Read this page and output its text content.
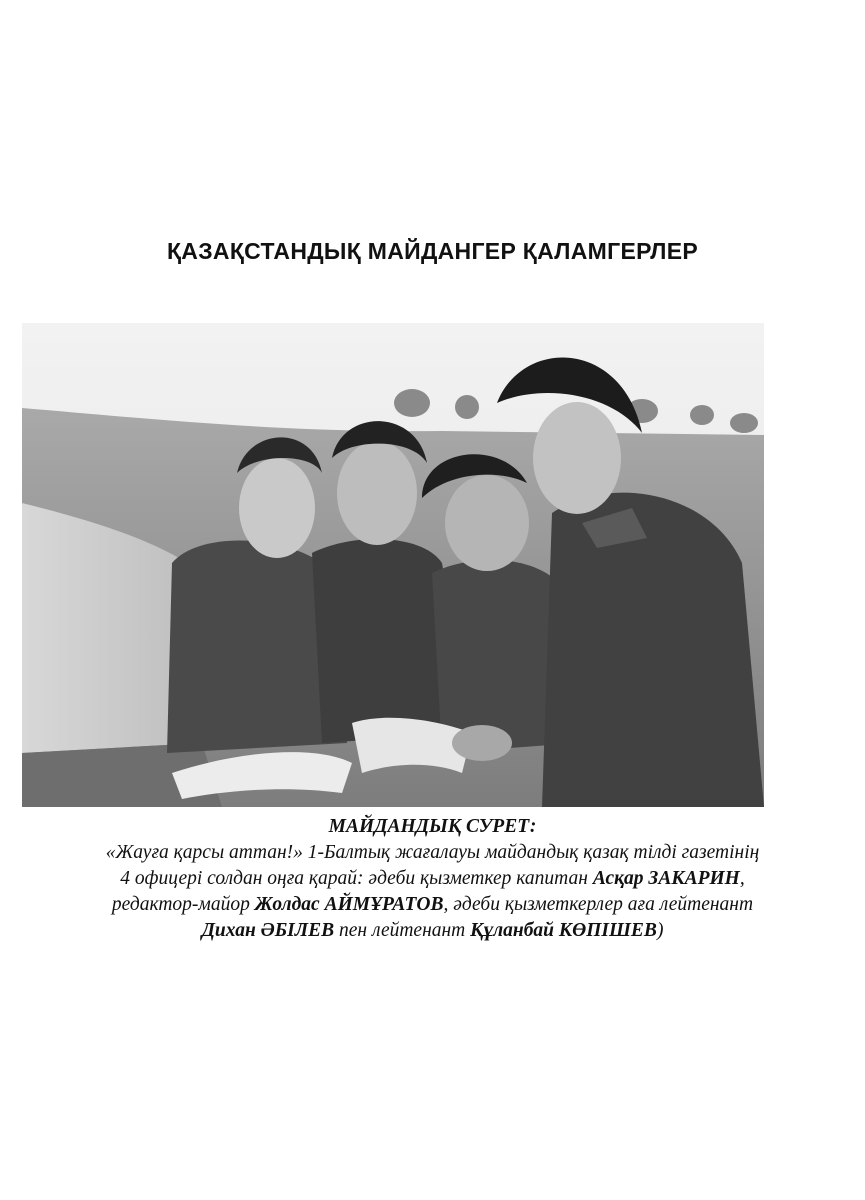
ҚАЗАҚСТАНДЫҚ МАЙДАНГЕР ҚАЛАМГЕРЛЕР
МАЙДАНДЫҚ СУРЕТ:
«Жауға қарсы аттан!» 1-Балтық жағалауы майдандық қазақ тілді газетінің
4 офицері солдан оңға қарай: әдеби қызметкер капитан Асқар ЗАКАРИН,
редактор-майор Жолдас АЙМҰРАТОВ, әдеби қызметкерлер аға лейтенант
Дихан ӘБІЛЕВ пен лейтенант Құланбай КӨПІШЕВ)
